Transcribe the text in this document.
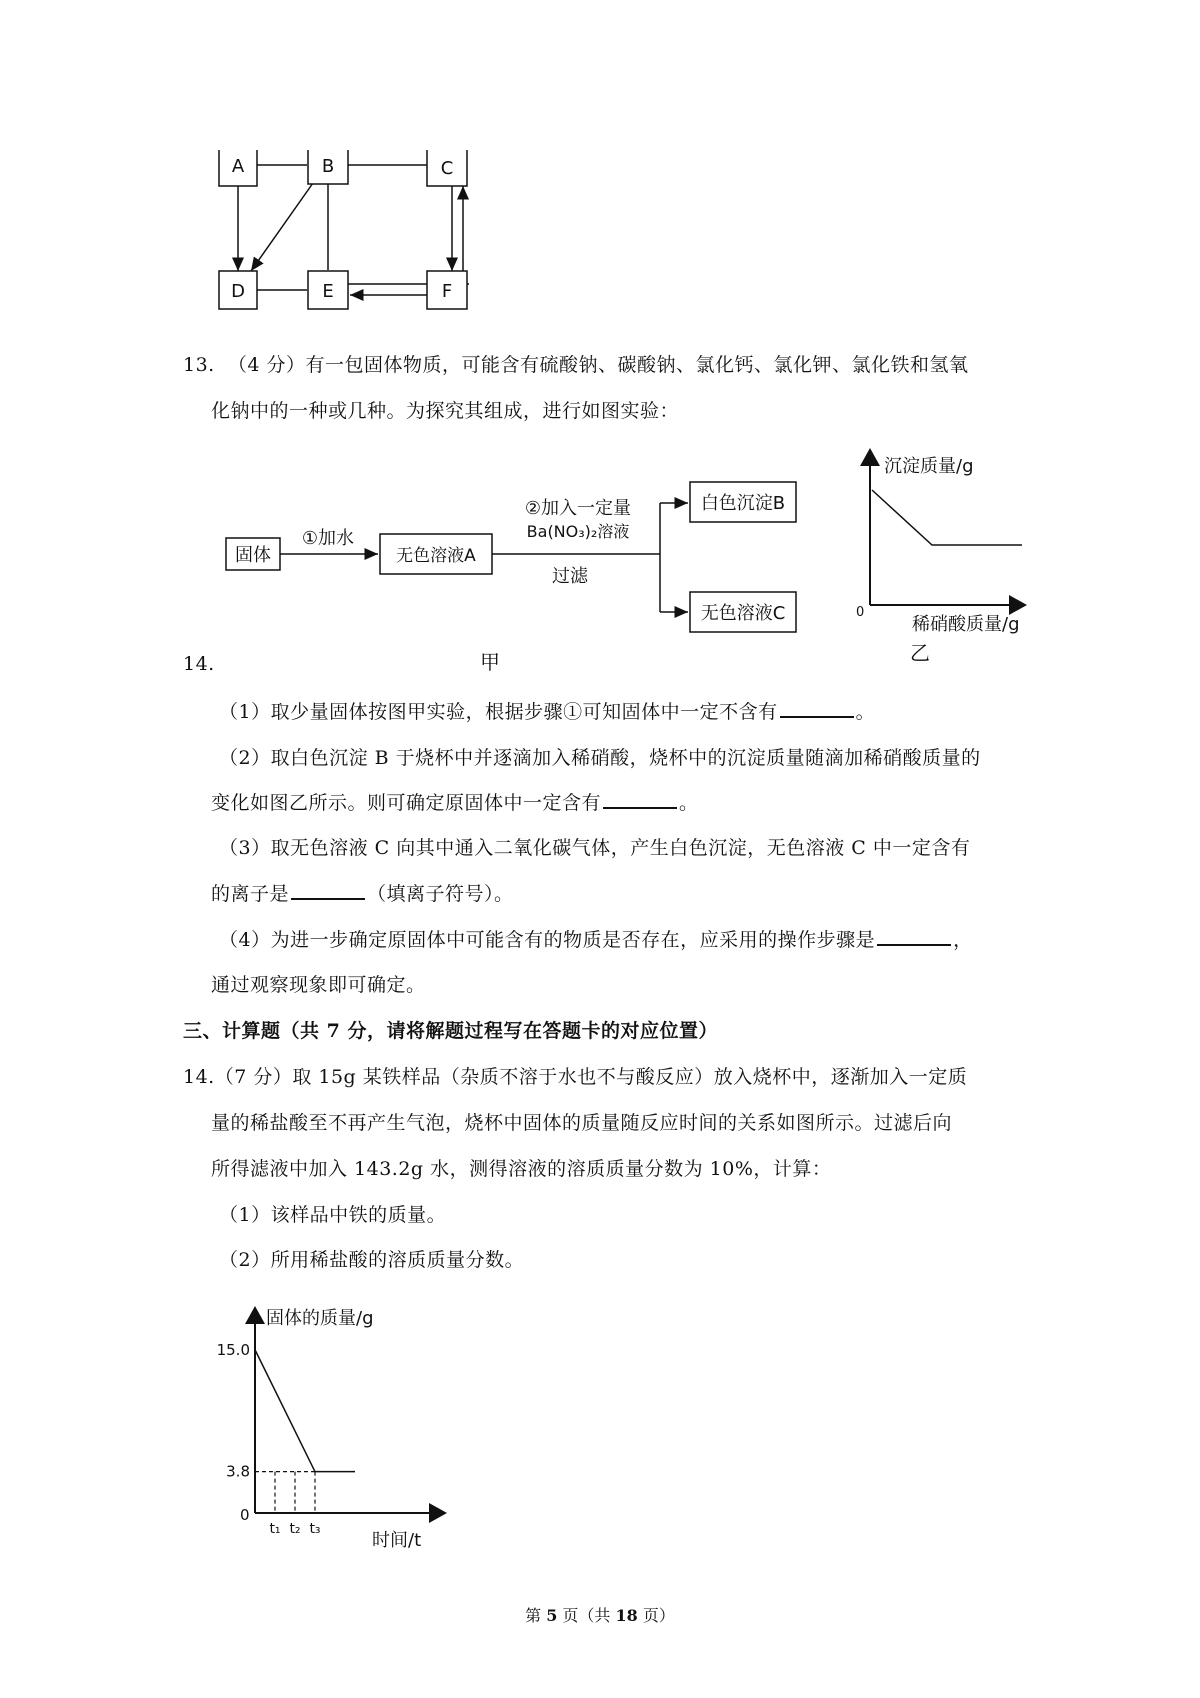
A	B	C
D	E	F
13. （4 分）有一包固体物质，可能含有硫酸钠、碳酸钠、氯化钙、氯化钾、氯化铁和氢氧
化钠中的一种或几种。为探究其组成，进行如图实验：
固体
①加水
无色溶液A
②加入一定量
Ba(NO₃)₂溶液
过滤
白色沉淀B
无色溶液C
甲
沉淀质量/g
稀硝酸质量/g
0
乙
14.
（1）取少量固体按图甲实验，根据步骤①可知固体中一定不含有	。
（2）取白色沉淀 B 于烧杯中并逐滴加入稀硝酸，烧杯中的沉淀质量随滴加稀硝酸质量的
变化如图乙所示。则可确定原固体中一定含有	。
（3）取无色溶液 C 向其中通入二氧化碳气体，产生白色沉淀，无色溶液 C 中一定含有
的离子是	（填离子符号）。
（4）为进一步确定原固体中可能含有的物质是否存在，应采用的操作步骤是	，
通过观察现象即可确定。
三、计算题（共 7 分，请将解题过程写在答题卡的对应位置）
14.（7 分）取 15g 某铁样品（杂质不溶于水也不与酸反应）放入烧杯中，逐渐加入一定质
量的稀盐酸至不再产生气泡，烧杯中固体的质量随反应时间的关系如图所示。过滤后向
所得滤液中加入 143.2g 水，测得溶液的溶质质量分数为 10%，计算：
（1）该样品中铁的质量。
（2）所用稀盐酸的溶质质量分数。
固体的质量/g
时间/t
0
15.0
3.8
t₁ t₂ t₃
第 5 页（共 18 页）
